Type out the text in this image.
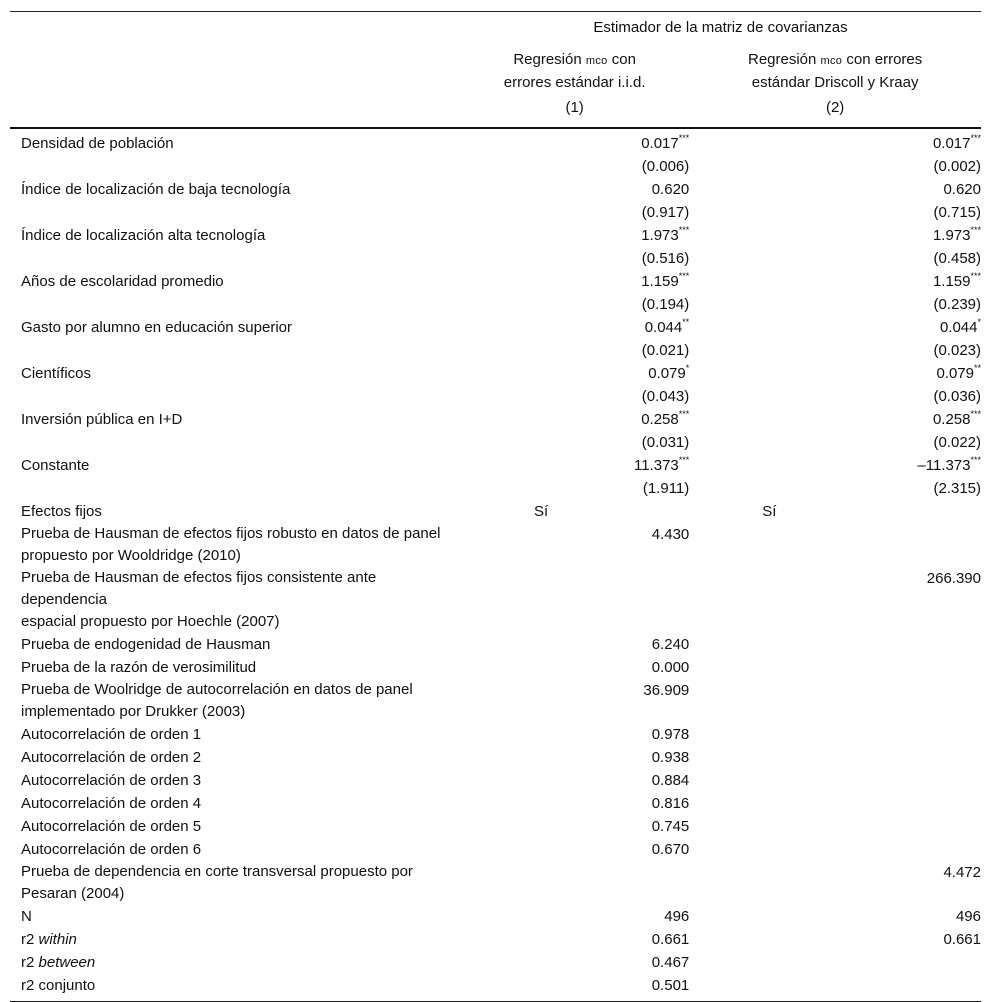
	Estimador de la matriz de covarianzas	
	Regresión mco con
errores estándar i.i.d.	Regresión mco con errores
estándar Driscoll y Kraay
	(1)	(2)
Densidad de población	0.017***	0.017***
	(0.006)	(0.002)
Índice de localización de baja tecnología	0.620	0.620
	(0.917)	(0.715)
Índice de localización alta tecnología	1.973***	1.973***
	(0.516)	(0.458)
Años de escolaridad promedio	1.159***	1.159***
	(0.194)	(0.239)
Gasto por alumno en educación superior	0.044**	0.044*
	(0.021)	(0.023)
Científicos	0.079*	0.079**
	(0.043)	(0.036)
Inversión pública en I+D	0.258***	0.258***
	(0.031)	(0.022)
Constante	11.373***	–11.373***
	(1.911)	(2.315)
Efectos fijos	Sí	Sí
Prueba de Hausman de efectos fijos robusto en datos de panel
propuesto por Wooldridge (2010)	4.430	
Prueba de Hausman de efectos fijos consistente ante dependencia
espacial propuesto por Hoechle (2007)		266.390
Prueba de endogenidad de Hausman	6.240	
Prueba de la razón de verosimilitud	0.000	
Prueba de Woolridge de autocorrelación en datos de panel
implementado por Drukker (2003)	36.909	
Autocorrelación de orden 1	0.978	
Autocorrelación de orden 2	0.938	
Autocorrelación de orden 3	0.884	
Autocorrelación de orden 4	0.816	
Autocorrelación de orden 5	0.745	
Autocorrelación de orden 6	0.670	
Prueba de dependencia en corte transversal propuesto por
Pesaran (2004)		4.472
N	496	496
r2 within	0.661	0.661
r2 between	0.467	
r2 conjunto	0.501	
